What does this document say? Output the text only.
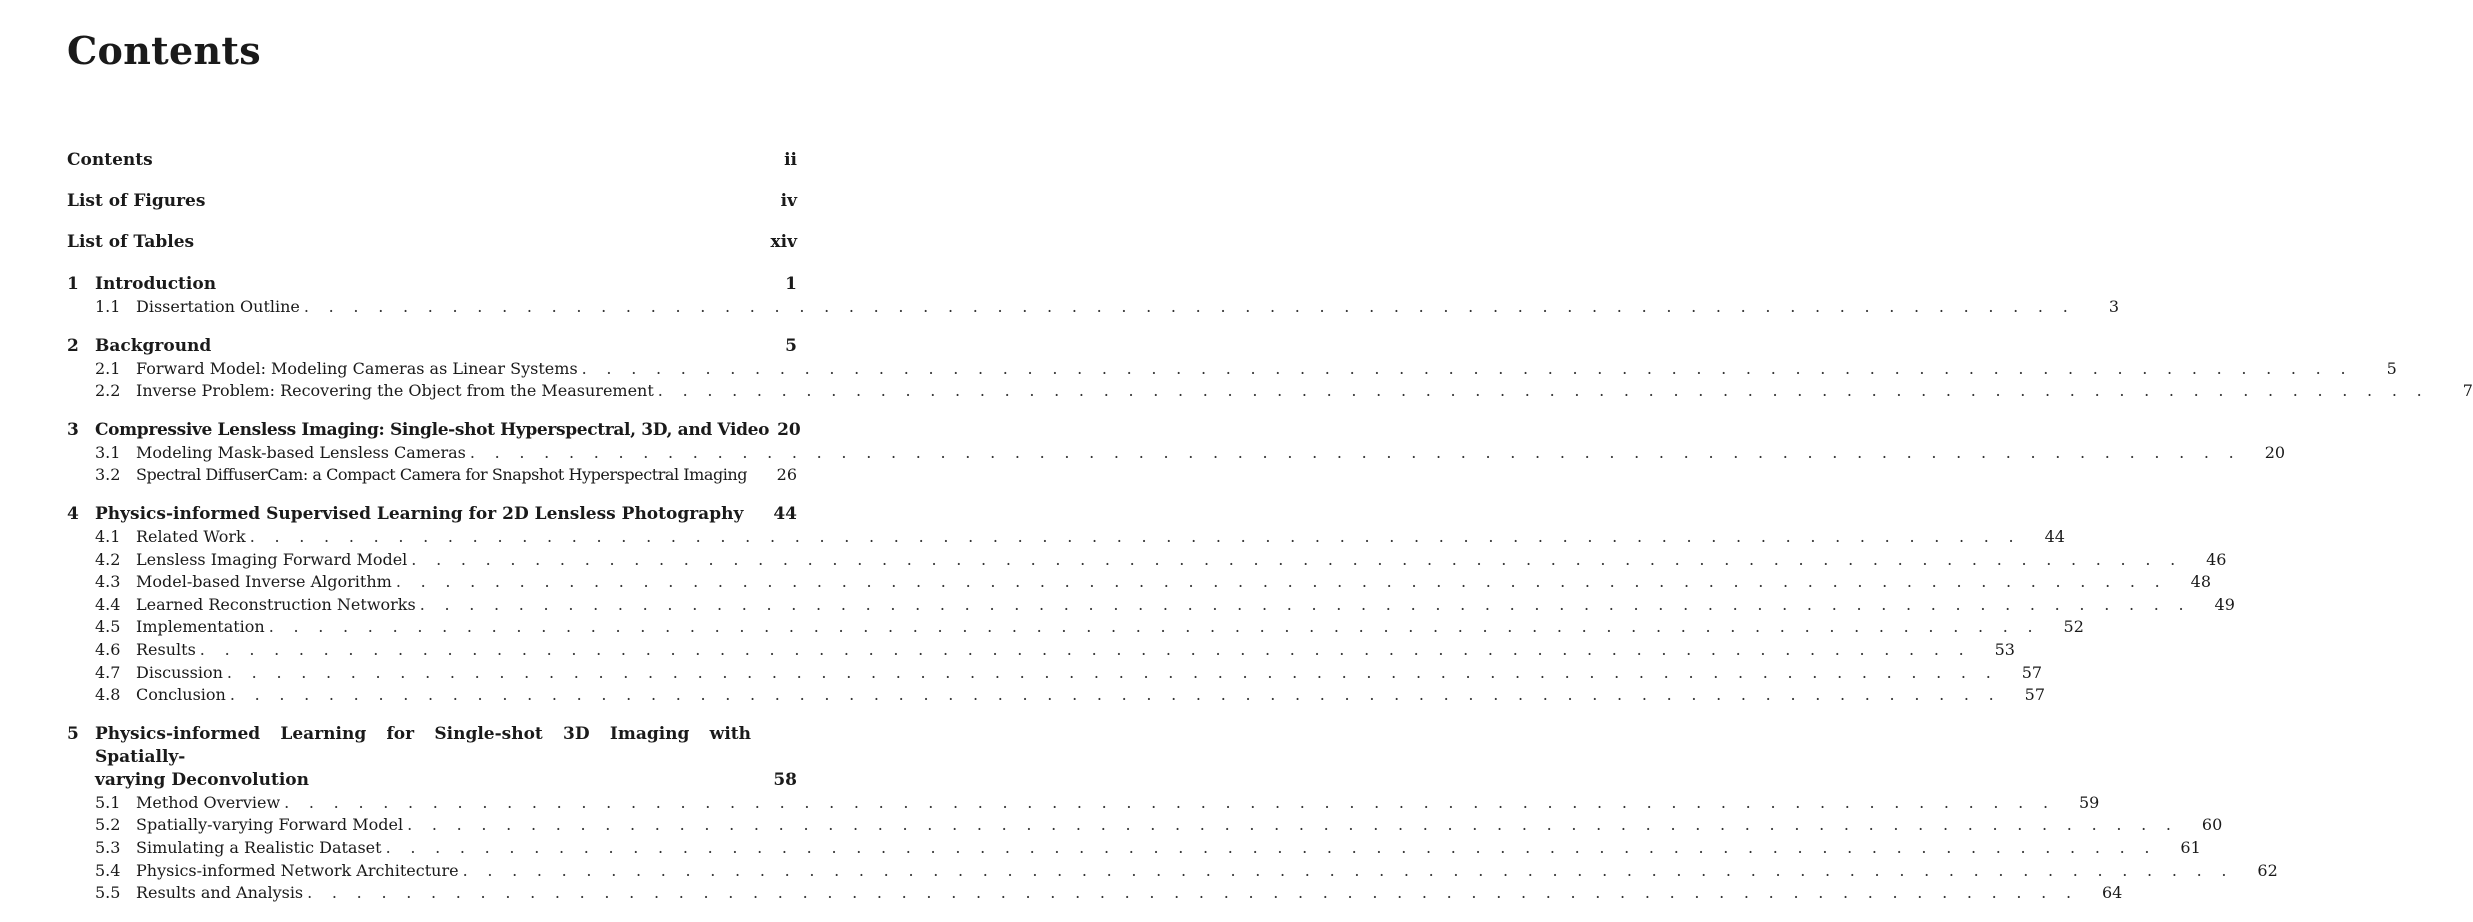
Contents
Contents	ii
List of Figures	iv
List of Tables	xiv
1 Introduction	1
1.1 Dissertation Outline . . . . . . . . . . . . . . . . . . . . . . . . . . . . . . . . . . . . . . . . . . . . . . . . . . . . . . . . . . . . . . . . . . . . . . . .	3
2 Background	5
2.1 Forward Model: Modeling Cameras as Linear Systems . . . . . . . . . . . . . . . . . . . . . . . . . . . . . . . . . . . . . . . . . . . . . . . . . . . . . . . . . . . . . . . . . . . . . . . .	5
2.2 Inverse Problem: Recovering the Object from the Measurement . . . . . . . . . . . . . . . . . . . . . . . . . . . . . . . . . . . . . . . . . . . . . . . . . . . . . . . . . . . . . . . . . . . . . . . .	7
3 Compressive Lensless Imaging: Single-shot Hyperspectral, 3D, and Video 20
3.1 Modeling Mask-based Lensless Cameras . . . . . . . . . . . . . . . . . . . . . . . . . . . . . . . . . . . . . . . . . . . . . . . . . . . . . . . . . . . . . . . . . . . . . . . .	20
3.2 Spectral DiffuserCam: a Compact Camera for Snapshot Hyperspectral Imaging	26
4 Physics-informed Supervised Learning for 2D Lensless Photography	44
4.1 Related Work . . . . . . . . . . . . . . . . . . . . . . . . . . . . . . . . . . . . . . . . . . . . . . . . . . . . . . . . . . . . . . . . . . . . . . . .	44
4.2 Lensless Imaging Forward Model . . . . . . . . . . . . . . . . . . . . . . . . . . . . . . . . . . . . . . . . . . . . . . . . . . . . . . . . . . . . . . . . . . . . . . . .	46
4.3 Model-based Inverse Algorithm . . . . . . . . . . . . . . . . . . . . . . . . . . . . . . . . . . . . . . . . . . . . . . . . . . . . . . . . . . . . . . . . . . . . . . . .	48
4.4 Learned Reconstruction Networks . . . . . . . . . . . . . . . . . . . . . . . . . . . . . . . . . . . . . . . . . . . . . . . . . . . . . . . . . . . . . . . . . . . . . . . .	49
4.5 Implementation . . . . . . . . . . . . . . . . . . . . . . . . . . . . . . . . . . . . . . . . . . . . . . . . . . . . . . . . . . . . . . . . . . . . . . . .	52
4.6 Results . . . . . . . . . . . . . . . . . . . . . . . . . . . . . . . . . . . . . . . . . . . . . . . . . . . . . . . . . . . . . . . . . . . . . . . .	53
4.7 Discussion . . . . . . . . . . . . . . . . . . . . . . . . . . . . . . . . . . . . . . . . . . . . . . . . . . . . . . . . . . . . . . . . . . . . . . . .	57
4.8 Conclusion . . . . . . . . . . . . . . . . . . . . . . . . . . . . . . . . . . . . . . . . . . . . . . . . . . . . . . . . . . . . . . . . . . . . . . . .	57
5 Physics-informed Learning for Single-shot 3D Imaging with Spatially-
varying Deconvolution	58
5.1 Method Overview . . . . . . . . . . . . . . . . . . . . . . . . . . . . . . . . . . . . . . . . . . . . . . . . . . . . . . . . . . . . . . . . . . . . . . . .	59
5.2 Spatially-varying Forward Model . . . . . . . . . . . . . . . . . . . . . . . . . . . . . . . . . . . . . . . . . . . . . . . . . . . . . . . . . . . . . . . . . . . . . . . .	60
5.3 Simulating a Realistic Dataset . . . . . . . . . . . . . . . . . . . . . . . . . . . . . . . . . . . . . . . . . . . . . . . . . . . . . . . . . . . . . . . . . . . . . . . .	61
5.4 Physics-informed Network Architecture . . . . . . . . . . . . . . . . . . . . . . . . . . . . . . . . . . . . . . . . . . . . . . . . . . . . . . . . . . . . . . . . . . . . . . . .	62
5.5 Results and Analysis . . . . . . . . . . . . . . . . . . . . . . . . . . . . . . . . . . . . . . . . . . . . . . . . . . . . . . . . . . . . . . . . . . . . . . . .	64
